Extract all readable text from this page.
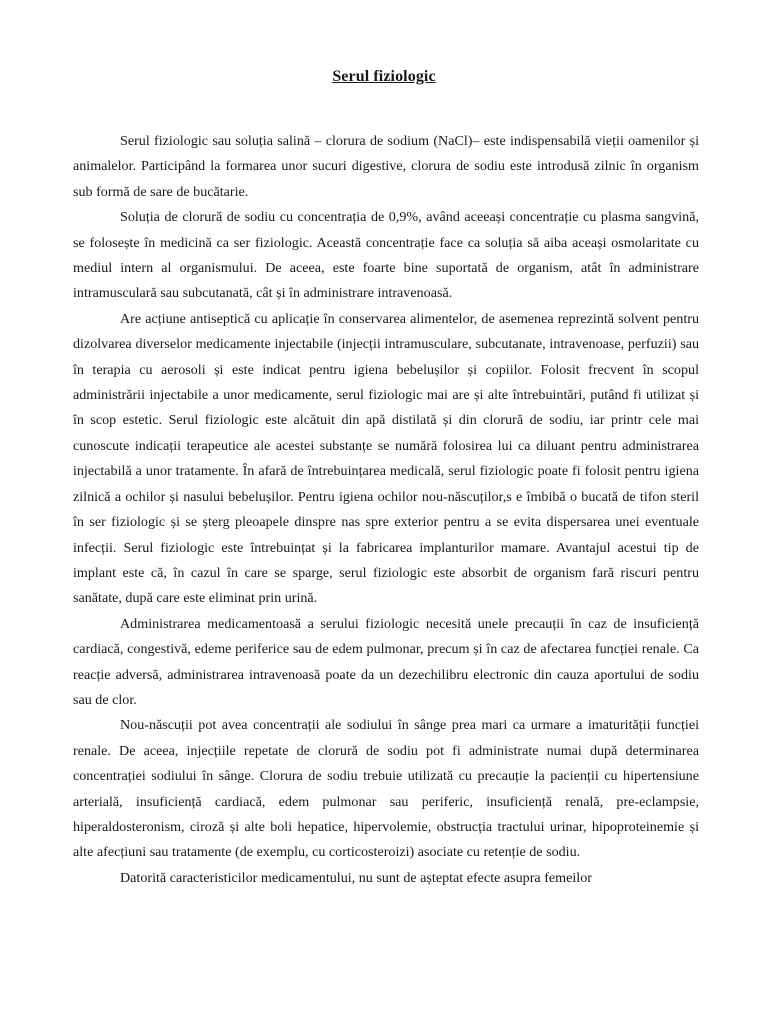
Serul fiziologic

Serul fiziologic sau soluția salină – clorura de sodium (NaCl)– este indispensabilă vieții oamenilor și animalelor. Participând la formarea unor sucuri digestive, clorura de sodiu este introdusă zilnic în organism sub formă de sare de bucătarie.

Soluția de clorură de sodiu cu concentrația de 0,9%, având aceeași concentrație cu plasma sangvină, se folosește în medicină ca ser fiziologic. Această concentrație face ca soluția să aiba aceași osmolaritate cu mediul intern al organismului. De aceea, este foarte bine suportată de organism, atât în administrare intramusculară sau subcutanată, cât și în administrare intravenoasă.

Are acțiune antiseptică cu aplicație în conservarea alimentelor, de asemenea reprezintă solvent pentru dizolvarea diverselor medicamente injectabile (injecții intramusculare, subcutanate, intravenoase, perfuzii) sau în terapia cu aerosoli și este indicat pentru igiena bebelușilor și copiilor. Folosit frecvent în scopul administrării injectabile a unor medicamente, serul fiziologic mai are și alte întrebuintări, putând fi utilizat și în scop estetic. Serul fiziologic este alcătuit din apă distilată și din clorură de sodiu, iar printr cele mai cunoscute indicații terapeutice ale acestei substanțe se numără folosirea lui ca diluant pentru administrarea injectabilă a unor tratamente. În afară de întrebuințarea medicală, serul fiziologic poate fi folosit pentru igiena zilnică a ochilor și nasului bebelușilor. Pentru igiena ochilor nou-născuților,s e îmbibă o bucată de tifon steril în ser fiziologic și se șterg pleoapele dinspre nas spre exterior pentru a se evita dispersarea unei eventuale infecții. Serul fiziologic este întrebuințat și la fabricarea implanturilor mamare. Avantajul acestui tip de implant este că, în cazul în care se sparge, serul fiziologic este absorbit de organism fară riscuri pentru sanătate, după care este eliminat prin urină.

Administrarea medicamentoasă a serului fiziologic necesită unele precauții în caz de insuficiență cardiacă, congestivă, edeme periferice sau de edem pulmonar, precum și în caz de afectarea funcției renale. Ca reacție adversă, administrarea intravenoasă poate da un dezechilibru electronic din cauza aportului de sodiu sau de clor.

Nou-născuții pot avea concentrații ale sodiului în sânge prea mari ca urmare a imaturității funcției renale. De aceea, injecțiile repetate de clorură de sodiu pot fi administrate numai după determinarea concentrației sodiului în sânge. Clorura de sodiu trebuie utilizată cu precauție la pacienții cu hipertensiune arterială, insuficiență cardiacă, edem pulmonar sau periferic, insuficiență renală, pre-eclampsie, hiperaldosteronism, ciroză și alte boli hepatice, hipervolemie, obstrucția tractului urinar, hipoproteinemie și alte afecțiuni sau tratamente (de exemplu, cu corticosteroizi) asociate cu retenție de sodiu.

Datorită caracteristicilor medicamentului, nu sunt de așteptat efecte asupra femeilor
